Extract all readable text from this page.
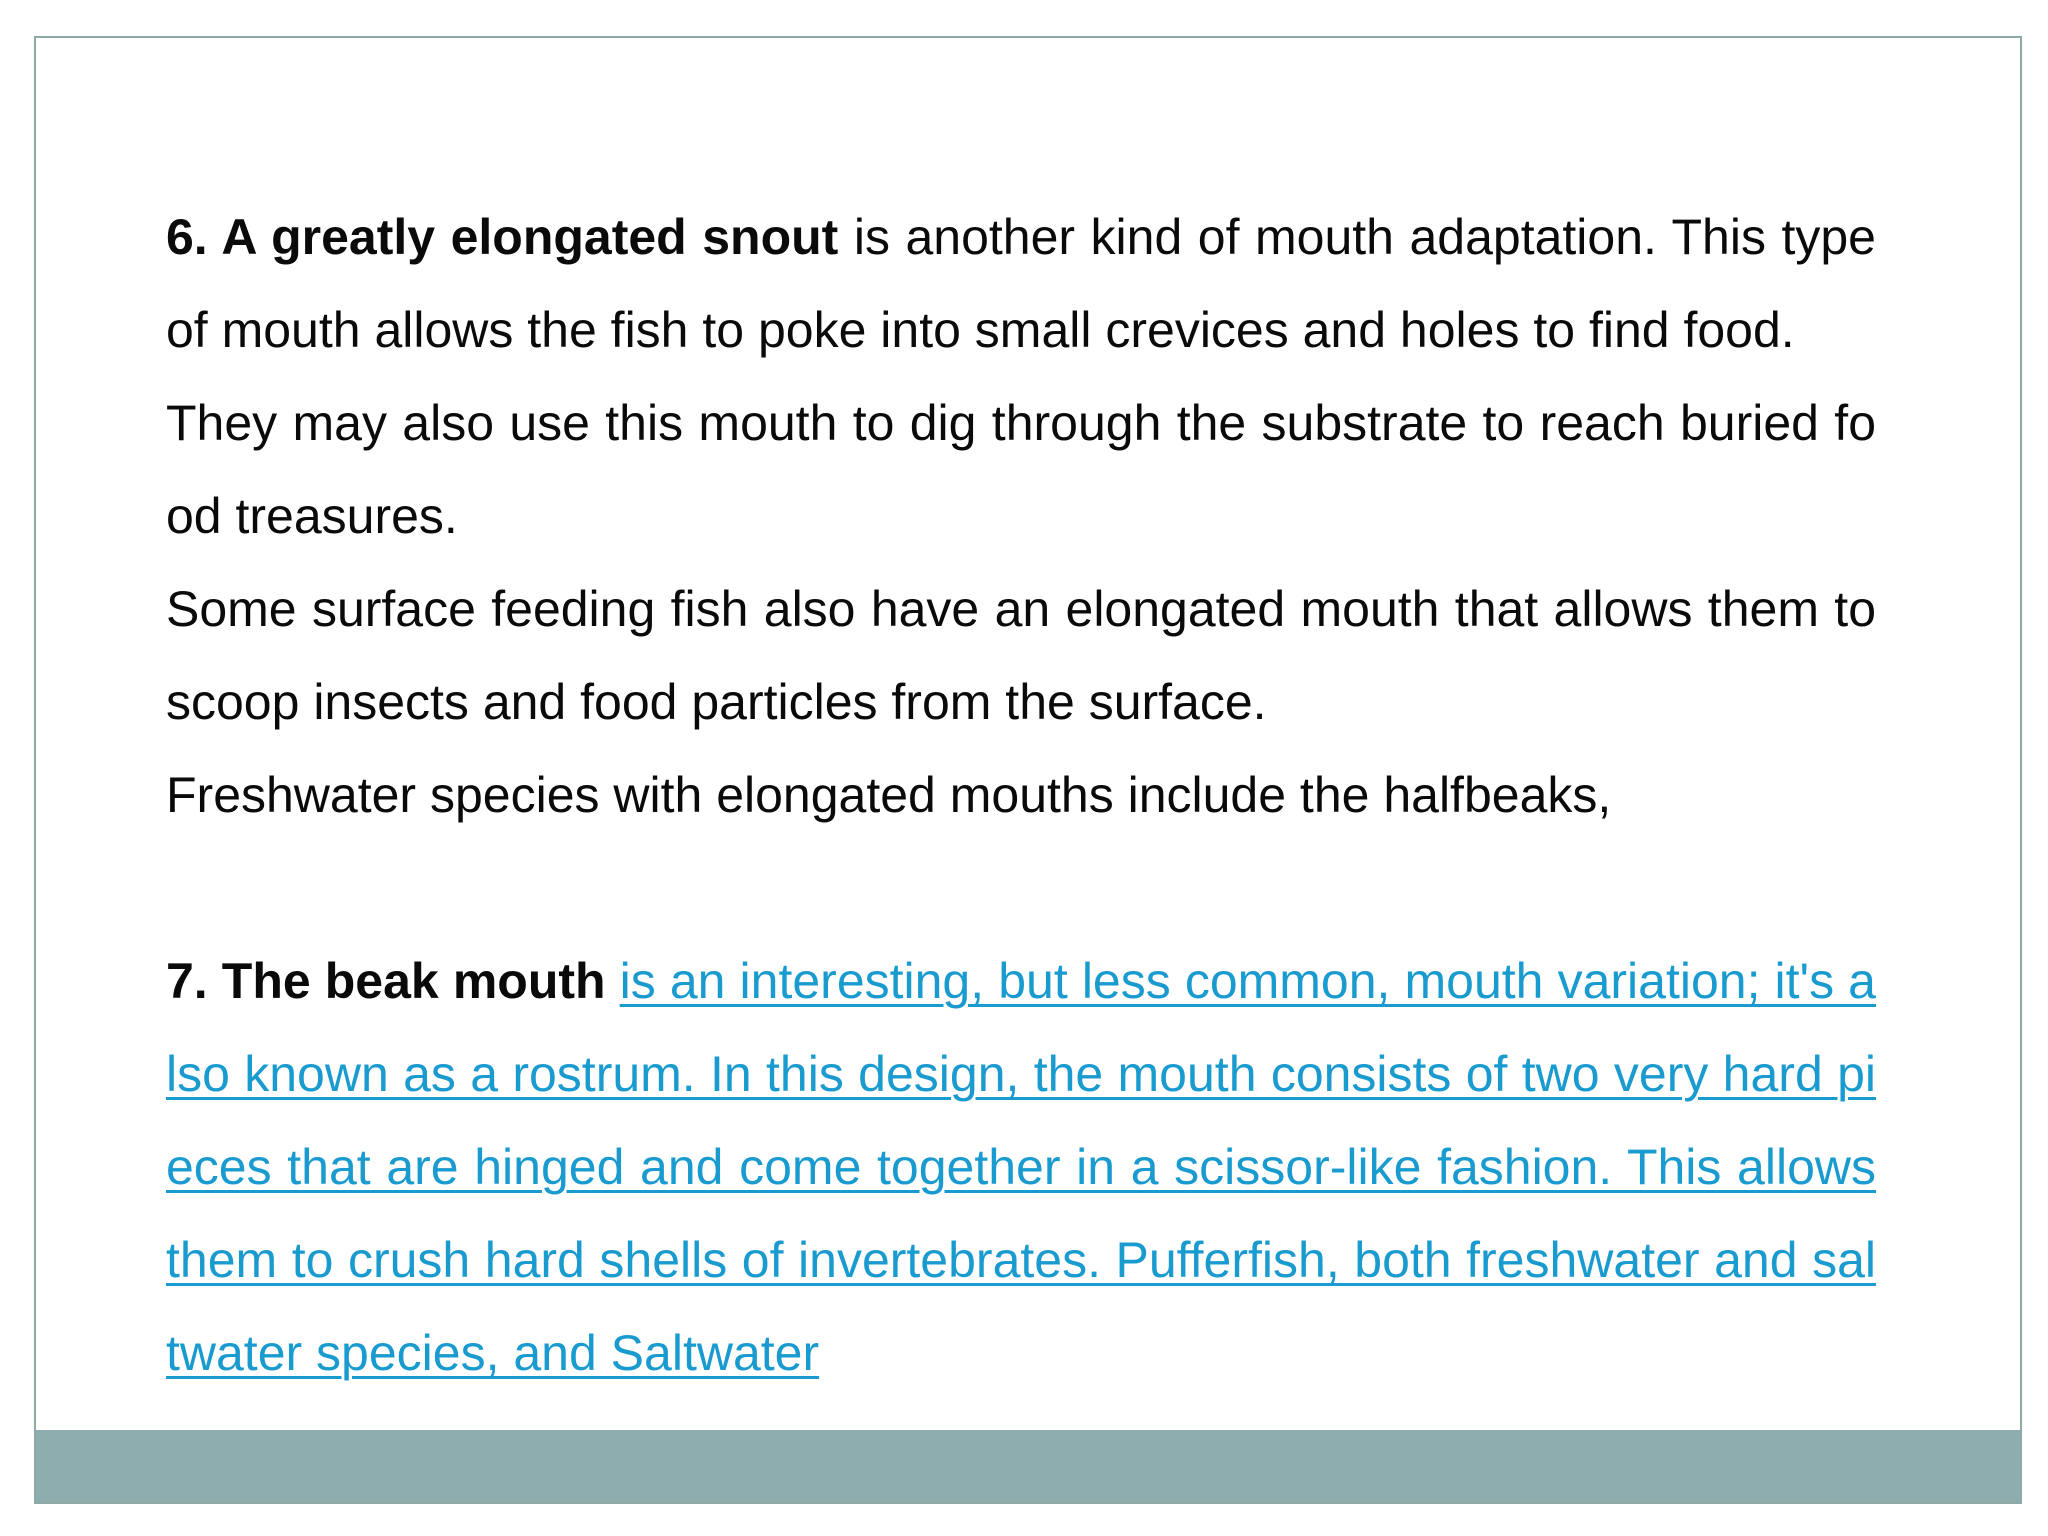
6. A greatly elongated snout is another kind of mouth adaptation. This type of mouth allows the fish to poke into small crevices and holes to find food.

They may also use this mouth to dig through the substrate to reach buried food treasures.

Some surface feeding fish also have an elongated mouth that allows them to scoop insects and food particles from the surface.

Freshwater species with elongated mouths include the halfbeaks,

7. The beak mouth is an interesting, but less common, mouth variation; it's also known as a rostrum. In this design, the mouth consists of two very hard pieces that are hinged and come together in a scissor-like fashion. This allows them to crush hard shells of invertebrates. Pufferfish, both freshwater and saltwater species, and Saltwater
